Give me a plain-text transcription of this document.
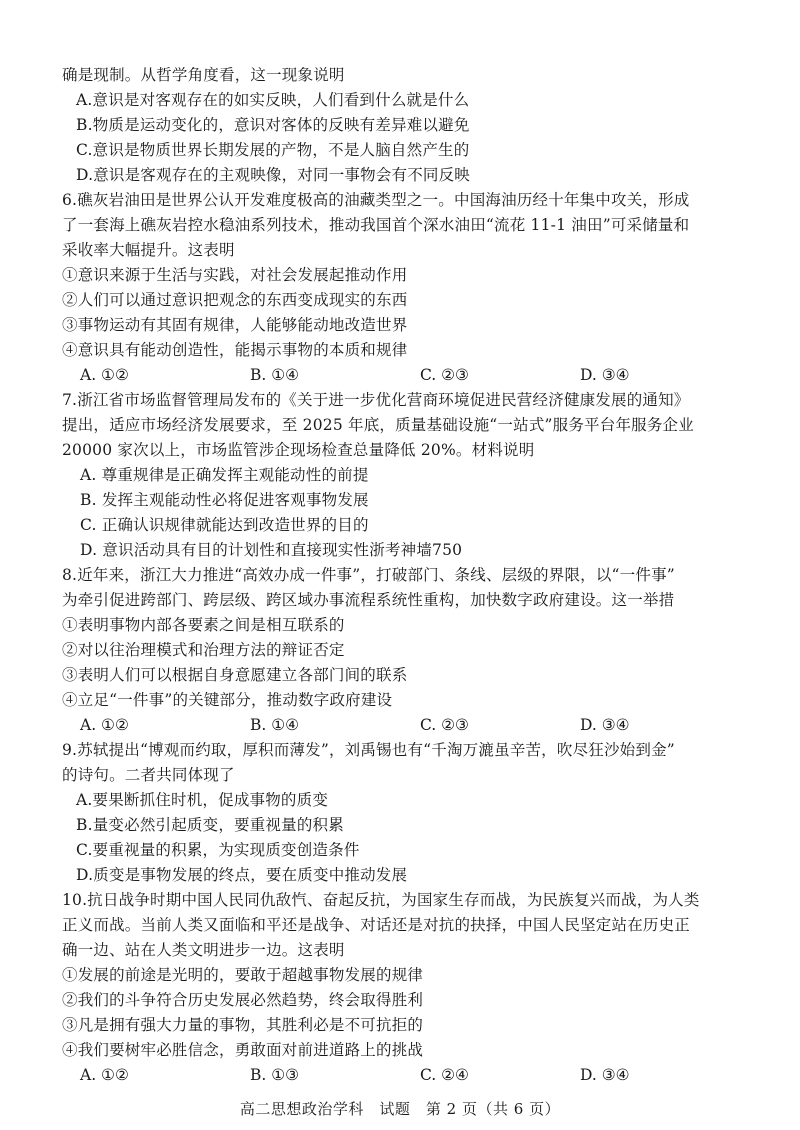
确是现制。从哲学角度看，这一现象说明
A.意识是对客观存在的如实反映，人们看到什么就是什么
B.物质是运动变化的，意识对客体的反映有差异难以避免
C.意识是物质世界长期发展的产物，不是人脑自然产生的
D.意识是客观存在的主观映像，对同一事物会有不同反映
6.礁灰岩油田是世界公认开发难度极高的油藏类型之一。中国海油历经十年集中攻关，形成
了一套海上礁灰岩控水稳油系列技术，推动我国首个深水油田“流花 11-1 油田”可采储量和
采收率大幅提升。这表明
①意识来源于生活与实践，对社会发展起推动作用
②人们可以通过意识把观念的东西变成现实的东西
③事物运动有其固有规律，人能够能动地改造世界
④意识具有能动创造性，能揭示事物的本质和规律
A. ①②	B. ①④	C. ②③	D. ③④
7.浙江省市场监督管理局发布的《关于进一步优化营商环境促进民营经济健康发展的通知》
提出，适应市场经济发展要求，至 2025 年底，质量基础设施“一站式”服务平台年服务企业
20000 家次以上，市场监管涉企现场检查总量降低 20%。材料说明
A. 尊重规律是正确发挥主观能动性的前提
B. 发挥主观能动性必将促进客观事物发展
C. 正确认识规律就能达到改造世界的目的
D. 意识活动具有目的计划性和直接现实性浙考神墙750
8.近年来，浙江大力推进“高效办成一件事”，打破部门、条线、层级的界限，以“一件事”
为牵引促进跨部门、跨层级、跨区域办事流程系统性重构，加快数字政府建设。这一举措
①表明事物内部各要素之间是相互联系的
②对以往治理模式和治理方法的辩证否定
③表明人们可以根据自身意愿建立各部门间的联系
④立足“一件事”的关键部分，推动数字政府建设
A. ①②	B. ①④	C. ②③	D. ③④
9.苏轼提出“博观而约取，厚积而薄发”，刘禹锡也有“千淘万漉虽辛苦，吹尽狂沙始到金”
的诗句。二者共同体现了
A.要果断抓住时机，促成事物的质变
B.量变必然引起质变，要重视量的积累
C.要重视量的积累，为实现质变创造条件
D.质变是事物发展的终点，要在质变中推动发展
10.抗日战争时期中国人民同仇敌忾、奋起反抗，为国家生存而战，为民族复兴而战，为人类
正义而战。当前人类又面临和平还是战争、对话还是对抗的抉择，中国人民坚定站在历史正
确一边、站在人类文明进步一边。这表明
①发展的前途是光明的，要敢于超越事物发展的规律
②我们的斗争符合历史发展必然趋势，终会取得胜利
③凡是拥有强大力量的事物，其胜利必是不可抗拒的
④我们要树牢必胜信念，勇敢面对前进道路上的挑战
A. ①②	B. ①③	C. ②④	D. ③④
高二思想政治学科　试题　第 2 页（共 6 页）
